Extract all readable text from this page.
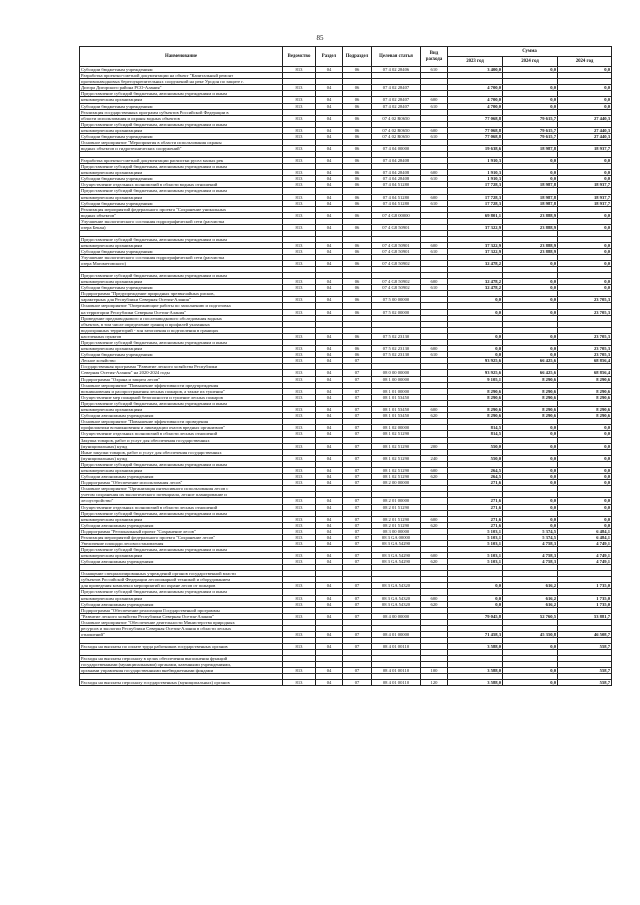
85
Наименование	Ведомство	Раздел	Подраздел	Целевая статья	Вид расхода	Сумма		
						2023 год	2024 год	2024 год
Субсидии бюджетным учреждениям	813	04	06	07 4 02 28406	610	3 400,0	0,0	0,0
Разработка проектно-сметной документации на объект "Капитальный ремонт								
противопаводковых берегоукрепительных сооружений на реке Урсдон по защите г.								
Дигора Дигорского района РСО-Алания"	813	04	06	07 4 02 28407		4 700,0	0,0	0,0
Предоставление субсидий бюджетным, автономным учреждениям и иным								
некоммерческим организациям	813	04	06	07 4 02 28407	600	4 700,0	0,0	0,0
Субсидии бюджетным учреждениям	813	04	06	07 4 02 28407	610	4 700,0	0,0	0,0
Реализация государственных программ субъектов Российской Федерации в								
области использования и охраны водных объектов	813	04	06	07 4 02 R0650		77 068,8	79 615,7	27 440,3
Предоставление субсидий бюджетным, автономным учреждениям и иным								
некоммерческим организациям	813	04	06	07 4 02 R0650	600	77 068,8	79 615,7	27 440,3
Субсидии бюджетным учреждениям	813	04	06	07 4 02 R0650	610	77 068,8	79 615,7	27 440,3
Основное мероприятие "Мероприятия в области использования охраны								
водных объектов и гидротехнических сооружений"	813	04	06	07 4 04 00000		19 638,6	18 987,8	18 937,7

Разработка проектно-сметной документации расчистки русел малых рек	813	04	06	07 4 04 28408		1 910,3	0,0	0,0
Предоставление субсидий бюджетным, автономным учреждениям и иным								
некоммерческим организациям	813	04	06	07 4 04 28408	600	1 910,3	0,0	0,0
Субсидии бюджетным учреждениям	813	04	06	07 4 04 28408	610	1 910,3	0,0	0,0
Осуществление отдельных полномочий в области водных отношений	813	04	06	07 4 04 51280		17 728,3	18 987,8	18 937,7
Предоставление субсидий бюджетным, автономным учреждениям и иным								
некоммерческим организациям	813	04	06	07 4 04 51280	600	17 728,3	18 987,8	18 937,7
Субсидии бюджетным учреждениям	813	04	06	07 4 04 51280	610	17 728,3	18 987,8	18 937,7
Реализация мероприятий федерального проекта "Сохранение уникальных								
водных объектов"	813	04	06	07 4 G8 00000		69 801,1	23 888,9	0,0
Улучшение экологического состояния гидрографической сети (расчистка								
озера Бекан)	813	04	06	07 4 G8 50901		37 322,9	23 888,9	0,0

Предоставление субсидий бюджетным, автономным учреждениям и иным								
некоммерческим организациям	813	04	06	07 4 G8 50901	600	37 322,9	23 888,9	0,0
Субсидии бюджетным учреждениям	813	04	06	07 4 G8 50901	610	37 322,9	23 888,9	0,0
Улучшение экологического состояния гидрографической сети (расчистка								
озера Магометовского)	813	04	06	07 4 G8 50902		32 478,2	0,0	0,0

Предоставление субсидий бюджетным, автономным учреждениям и иным								
некоммерческим организациям	813	04	06	07 4 G8 50902	600	32 478,2	0,0	0,0
Субсидии бюджетным учреждениям	813	04	06	07 4 G8 50902	610	32 478,2	0,0	0,0
Подпрограмма "Предупреждение природных чрезвычайных рисков,								
характерных для Республики Северная Осетия-Алания"	813	04	06	07 5 00 00000		0,0	0,0	23 705,3
Основное мероприятие "Опережающие работы по заполнению и подготовка								
на территории Республики Северная Осетия-Алания"	813	04	06	07 5 02 00000		0,0	0,0	23 705,3
Проведение предпаводкового и послепаводкового обследования водных								
объектов, в том числе определение границ и профилей указанных								
водоохранных территорий - зон затопления и подтопления в границах								
населенных пунктов	813	04	06	07 5 02 23130		0,0	0,0	23 705,3
Предоставление субсидий бюджетным, автономным учреждениям и иным								
некоммерческим организациям	813	04	06	07 5 02 23130	600	0,0	0,0	23 705,3
Субсидии бюджетным учреждениям	813	04	06	07 5 02 23130	610	0,0	0,0	23 705,3
Лесное хозяйство	813	04	07			93 925,6	66 425,6	68 856,4
Государственная программа "Развитие лесного хозяйства Республики								
Северная Осетия-Алания" на 2020-2024 годы	813	04	07	08 0 00 00000		93 925,6	66 425,6	68 856,4
Подпрограмма "Охрана и защита лесов"	813	04	07	08 1 00 00000		9 105,1	8 290,6	8 290,6
Основное мероприятие "Повышение эффективности предупреждения								
возникновения и распространения лесных пожаров, а также их тушения"	813	04	07	08 1 01 00000		8 290,6	8 290,6	8 290,6
Осуществление мер пожарной безопасности и тушение лесных пожаров	813	04	07	08 1 01 53450		8 290,6	8 290,6	8 290,6
Предоставление субсидий бюджетным, автономным учреждениям и иным								
некоммерческим организациям	813	04	07	08 1 01 53450	600	8 290,6	8 290,6	8 290,6
Субсидии автономным учреждениям	813	04	07	08 1 01 53450	620	8 290,6	8 290,6	8 290,6
Основное мероприятие "Повышение эффективности проведения								
профилактики возникновения и ликвидации очагов вредных организмов"	813	04	07	08 1 02 00000		814,5	0,0	0,0
Осуществление отдельных полномочий в области лесных отношений	813	04	07	08 1 02 51290		814,5	0,0	0,0
Закупка товаров, работ и услуг для обеспечения государственных								
(муниципальных) нужд	813	04	07	08 1 02 51290	200	550,0	0,0	0,0
Иные закупки товаров, работ и услуг для обеспечения государственных								
(муниципальных) нужд	813	04	07	08 1 02 51290	240	550,0	0,0	0,0
Предоставление субсидий бюджетным, автономным учреждениям и иным								
некоммерческим организациям	813	04	07	08 1 02 51290	600	264,5	0,0	0,0
Субсидии автономным учреждениям	813	04	07	08 1 02 51290	620	264,5	0,0	0,0
Подпрограмма "Обеспечение использования лесов"	813	04	07	08 2 00 00000		271,6	0,0	0,0
Основное мероприятие "Организация интенсивного использования лесов с								
учетом сохранения их экологического потенциала, лесное планирование и								
лесоустройство"	813	04	07	08 2 01 00000		271,6	0,0	0,0
Осуществление отдельных полномочий в области лесных отношений	813	04	07	08 2 01 51290		271,6	0,0	0,0
Предоставление субсидий бюджетным, автономным учреждениям и иным								
некоммерческим организациям	813	04	07	08 2 01 51290	600	271,6	0,0	0,0
Субсидии автономным учреждениям	813	04	07	08 2 01 51290	620	271,6	0,0	0,0
Подпрограмма "Региональный проект "Сохранение лесов"	813	04	07	08 3 00 00000		5 103,1	5 374,5	6 484,1
Реализация мероприятий федерального проекта "Сохранение лесов"	813	04	07	08 3 GA 00000		5 103,1	5 374,5	6 484,1
Увеличение площади лесовосстановления	813	04	07	08 3 GA 54290		5 103,1	4 758,3	4 749,1
Предоставление субсидий бюджетным, автономным учреждениям и иным								
некоммерческим организациям	813	04	07	08 3 GA 54290	600	5 103,1	4 758,3	4 749,1
Субсидии автономным учреждениям	813	04	07	08 3 GA 54290	620	5 103,1	4 758,3	4 749,1

Оснащение специализированных учреждений органов государственной власти								
субъектов Российской Федерации лесопожарной техникой и оборудованием								
для проведения комплекса мероприятий по охране лесов от пожаров	813	04	07	08 3 GA 54320		0,0	616,2	1 735,0
Предоставление субсидий бюджетным, автономным учреждениям и иным								
некоммерческим организациям	813	04	07	08 3 GA 54320	600	0,0	616,2	1 735,0
Субсидии автономным учреждениям	813	04	07	08 3 GA 54320	620	0,0	616,2	1 735,0
Подпрограмма "Обеспечение реализации Государственной программы								
"Развитие лесного хозяйства Республики Северная Осетия-Алания"	813	04	07	08 4 00 00000		79 045,8	52 760,5	53 881,7
Основное мероприятие "Обеспечение деятельности Министерства природных								
ресурсов и экологии Республики Северная Осетия-Алания в области лесных								
отношений"	813	04	07	08 4 01 00000		71 458,3	45 350,8	46 508,7

Расходы на выплаты по оплате труда работников государственных органов	813	04	07	08 4 01 00110		3 588,0	0,0	558,7

Расходы на выплаты персоналу в целях обеспечения выполнения функций								
государственными (муниципальными) органами, казенными учреждениями,								
органами управления государственными внебюджетными фондами	813	04	07	08 4 01 00110	100	3 588,0	0,0	558,7

Расходы на выплаты персоналу государственных (муниципальных) органов	813	04	07	08 4 01 00110	120	3 588,0	0,0	558,7
